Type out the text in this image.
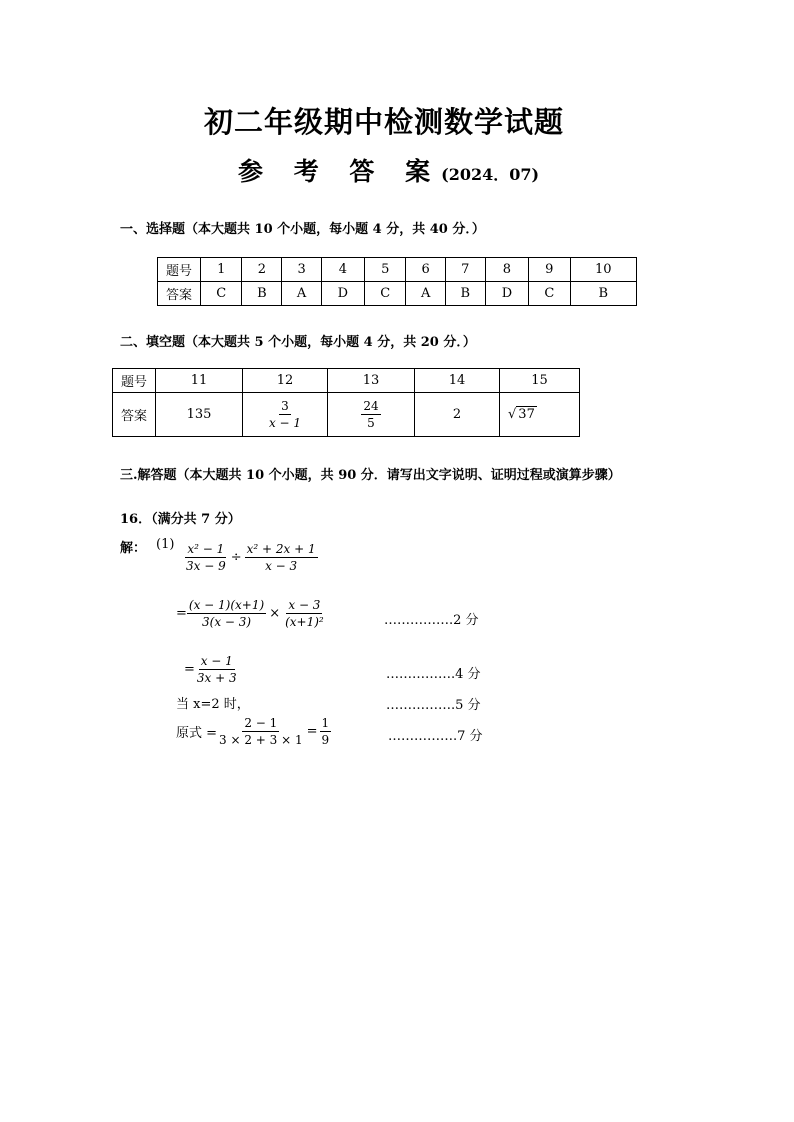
初二年级期中检测数学试题
参 考 答 案(2024．07)
一、选择题（本大题共 10 个小题，每小题 4 分，共 40 分．）
题号	1	2	3	4	5	6	7	8	9	10
答案	C	B	A	D	C	A	B	D	C	B
二、填空题（本大题共 5 个小题，每小题 4 分，共 20 分．）
题号	11	12	13	14	15
答案	135	$\frac{3}{x - 1}$	$\frac{24}{5}$	2	√ 37
三.解答题（本大题共 10 个小题，共 90 分．请写出文字说明、证明过程或演算步骤）
16．（满分共 7 分）
解： $(1) \frac{\text{x² − 1}}{3x - 9} \div \frac{\text{x² + 2x + 1}}{x - 3}$
= $\frac{(x - 1)(x+1)}{3(x - 3)} \times \frac{x - 3}{\text{(x+1)²}}$	…………….2 分
= $\frac{x - 1}{3x + 3}$	…………….4 分
当 x=2 时，	…………….5 分
原式 = $\frac{2 - 1}{3 \times 2 + 3 \times 1} = \frac{1}{9}$	…………….7 分
